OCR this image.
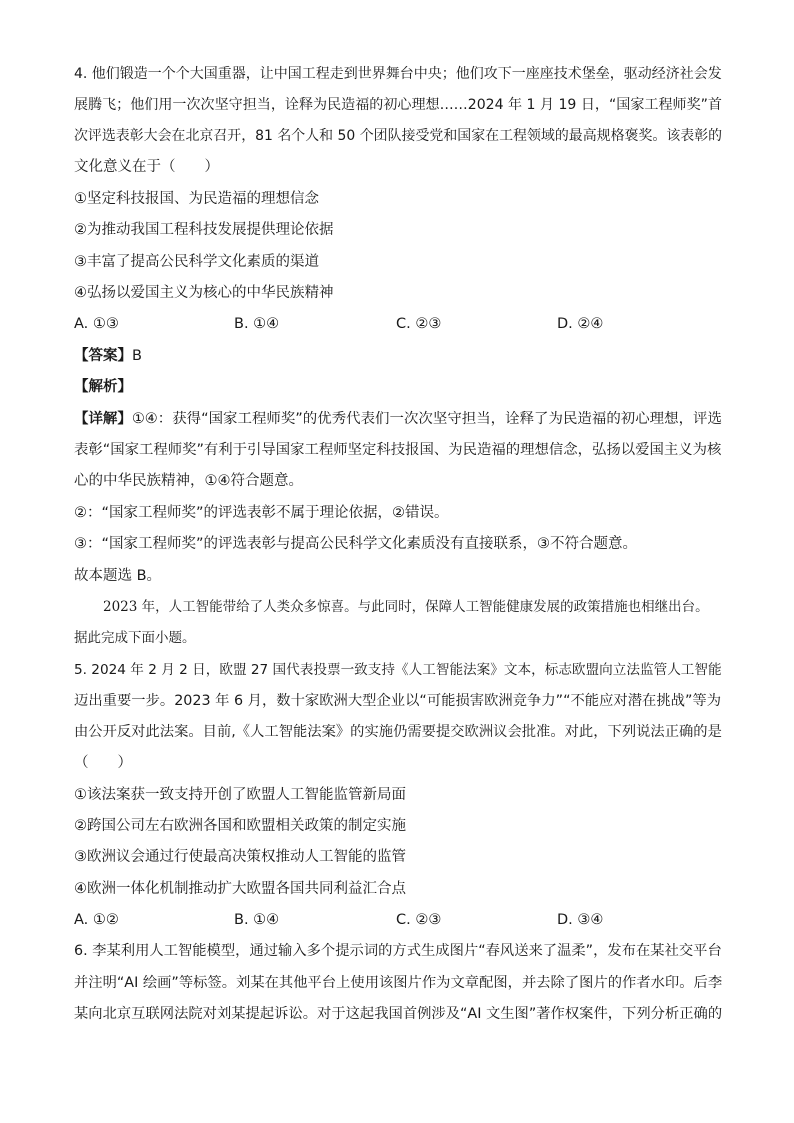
4. 他们锻造一个个大国重器，让中国工程走到世界舞台中央；他们攻下一座座技术堡垒，驱动经济社会发
展腾飞；他们用一次次坚守担当，诠释为民造福的初心理想……2024 年 1 月 19 日，“国家工程师奖”首
次评选表彰大会在北京召开，81 名个人和 50 个团队接受党和国家在工程领域的最高规格褒奖。该表彰的
文化意义在于（　　）
①坚定科技报国、为民造福的理想信念
②为推动我国工程科技发展提供理论依据
③丰富了提高公民科学文化素质的渠道
④弘扬以爱国主义为核心的中华民族精神
A. ①③	B. ①④	C. ②③	D. ②④
【答案】B
【解析】
【详解】①④：获得“国家工程师奖”的优秀代表们一次次坚守担当，诠释了为民造福的初心理想，评选
表彰“国家工程师奖”有利于引导国家工程师坚定科技报国、为民造福的理想信念，弘扬以爱国主义为核
心的中华民族精神，①④符合题意。
②：“国家工程师奖”的评选表彰不属于理论依据，②错误。
③：“国家工程师奖”的评选表彰与提高公民科学文化素质没有直接联系，③不符合题意。
故本题选 B。
2023 年，人工智能带给了人类众多惊喜。与此同时，保障人工智能健康发展的政策措施也相继出台。
据此完成下面小题。
5. 2024 年 2 月 2 日，欧盟 27 国代表投票一致支持《人工智能法案》文本，标志欧盟向立法监管人工智能
迈出重要一步。2023 年 6 月，数十家欧洲大型企业以“可能损害欧洲竞争力”“不能应对潜在挑战”等为
由公开反对此法案。目前,《人工智能法案》的实施仍需要提交欧洲议会批准。对此，下列说法正确的是
（　　）
①该法案获一致支持开创了欧盟人工智能监管新局面
②跨国公司左右欧洲各国和欧盟相关政策的制定实施
③欧洲议会通过行使最高决策权推动人工智能的监管
④欧洲一体化机制推动扩大欧盟各国共同利益汇合点
A. ①②	B. ①④	C. ②③	D. ③④
6. 李某利用人工智能模型，通过输入多个提示词的方式生成图片“春风送来了温柔”，发布在某社交平台
并注明“AI 绘画”等标签。刘某在其他平台上使用该图片作为文章配图，并去除了图片的作者水印。后李
某向北京互联网法院对刘某提起诉讼。对于这起我国首例涉及“AI 文生图”著作权案件，下列分析正确的
